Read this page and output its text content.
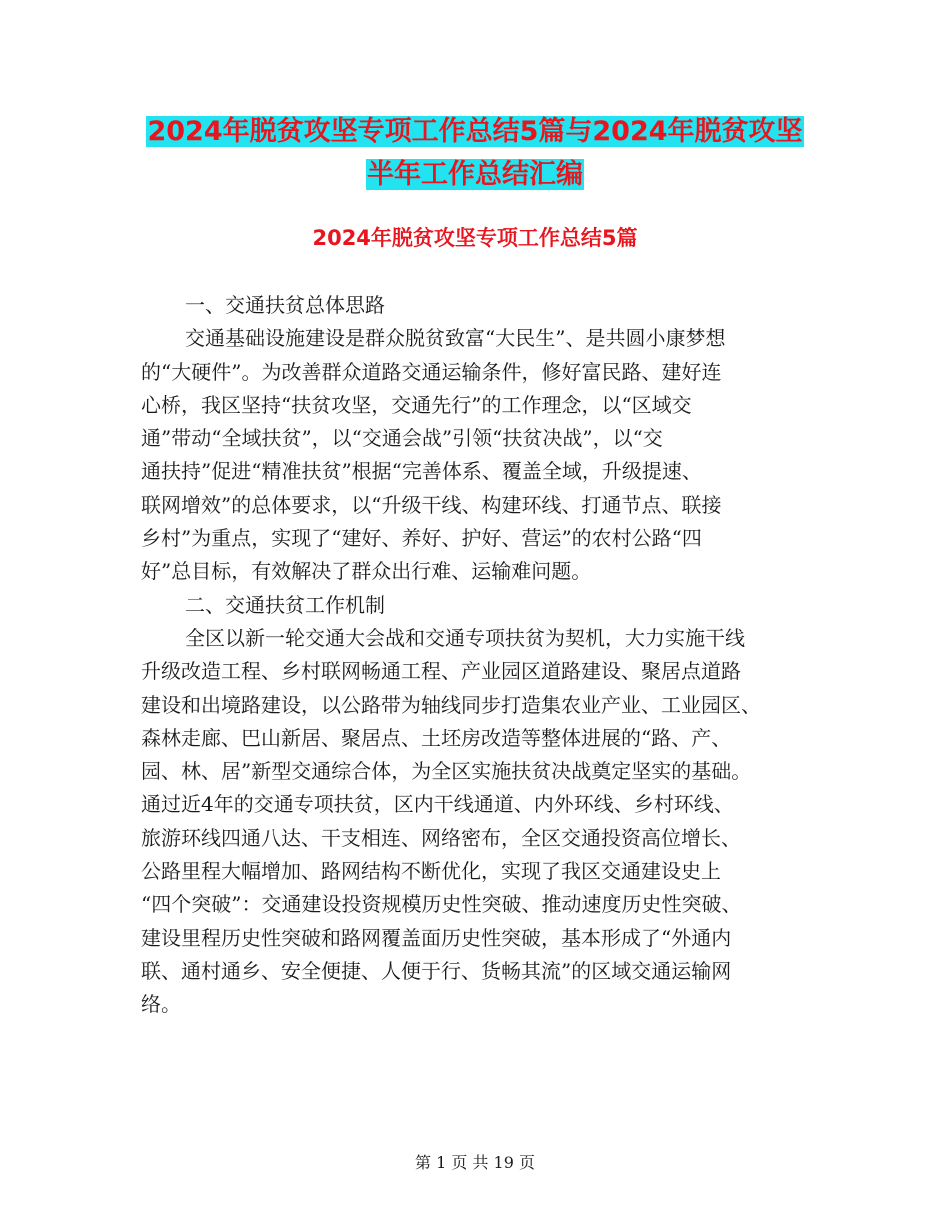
2024年脱贫攻坚专项工作总结5篇与2024年脱贫攻坚
半年工作总结汇编
2024年脱贫攻坚专项工作总结5篇
一、交通扶贫总体思路
交通基础设施建设是群众脱贫致富“大民生”、是共圆小康梦想
的“大硬件”。为改善群众道路交通运输条件，修好富民路、建好连
心桥，我区坚持“扶贫攻坚，交通先行”的工作理念，以“区域交
通”带动“全域扶贫”，以“交通会战”引领“扶贫决战”，以“交
通扶持”促进“精准扶贫”根据“完善体系、覆盖全域，升级提速、
联网增效”的总体要求，以“升级干线、构建环线、打通节点、联接
乡村”为重点，实现了“建好、养好、护好、营运”的农村公路“四
好”总目标，有效解决了群众出行难、运输难问题。
二、交通扶贫工作机制
全区以新一轮交通大会战和交通专项扶贫为契机，大力实施干线
升级改造工程、乡村联网畅通工程、产业园区道路建设、聚居点道路
建设和出境路建设，以公路带为轴线同步打造集农业产业、工业园区、
森林走廊、巴山新居、聚居点、土坯房改造等整体进展的“路、产、
园、林、居”新型交通综合体，为全区实施扶贫决战奠定坚实的基础。
通过近4年的交通专项扶贫，区内干线通道、内外环线、乡村环线、
旅游环线四通八达、干支相连、网络密布，全区交通投资高位增长、
公路里程大幅增加、路网结构不断优化，实现了我区交通建设史上
“四个突破”：交通建设投资规模历史性突破、推动速度历史性突破、
建设里程历史性突破和路网覆盖面历史性突破，基本形成了“外通内
联、通村通乡、安全便捷、人便于行、货畅其流”的区域交通运输网
络。
第 1 页 共 19 页
